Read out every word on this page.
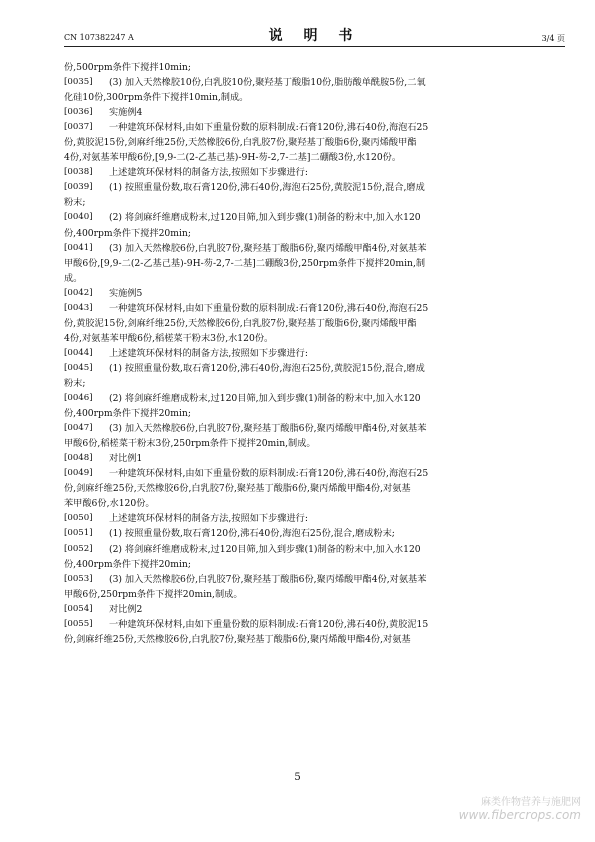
CN 107382247 A	说 明 书	3/4 页
份,500rpm条件下搅拌10min;
[0035] (3) 加入天然橡胶10份,白乳胶10份,聚羟基丁酸脂10份,脂肪酸单酰胺5份,二氧
化硅10份,300rpm条件下搅拌10min,制成。
[0036] 实施例4
[0037] 一种建筑环保材料,由如下重量份数的原料制成:石膏120份,沸石40份,海泡石25
份,黄胶泥15份,剑麻纤维25份,天然橡胶6份,白乳胶7份,聚羟基丁酸脂6份,聚丙烯酸甲酯
4份,对氨基苯甲酸6份,[9,9-二(2-乙基己基)-9H-芴-2,7-二基]二硼酸3份,水120份。
[0038] 上述建筑环保材料的制备方法,按照如下步骤进行:
[0039] (1) 按照重量份数,取石膏120份,沸石40份,海泡石25份,黄胶泥15份,混合,磨成
粉末;
[0040] (2) 将剑麻纤维磨成粉末,过120目筛,加入到步骤(1)制备的粉末中,加入水120
份,400rpm条件下搅拌20min;
[0041] (3) 加入天然橡胶6份,白乳胶7份,聚羟基丁酸脂6份,聚丙烯酸甲酯4份,对氨基苯
甲酸6份,[9,9-二(2-乙基己基)-9H-芴-2,7-二基]二硼酸3份,250rpm条件下搅拌20min,制
成。
[0042] 实施例5
[0043] 一种建筑环保材料,由如下重量份数的原料制成:石膏120份,沸石40份,海泡石25
份,黄胶泥15份,剑麻纤维25份,天然橡胶6份,白乳胶7份,聚羟基丁酸脂6份,聚丙烯酸甲酯
4份,对氨基苯甲酸6份,稻槎菜干粉末3份,水120份。
[0044] 上述建筑环保材料的制备方法,按照如下步骤进行:
[0045] (1) 按照重量份数,取石膏120份,沸石40份,海泡石25份,黄胶泥15份,混合,磨成
粉末;
[0046] (2) 将剑麻纤维磨成粉末,过120目筛,加入到步骤(1)制备的粉末中,加入水120
份,400rpm条件下搅拌20min;
[0047] (3) 加入天然橡胶6份,白乳胶7份,聚羟基丁酸脂6份,聚丙烯酸甲酯4份,对氨基苯
甲酸6份,稻槎菜干粉末3份,250rpm条件下搅拌20min,制成。
[0048] 对比例1
[0049] 一种建筑环保材料,由如下重量份数的原料制成:石膏120份,沸石40份,海泡石25
份,剑麻纤维25份,天然橡胶6份,白乳胶7份,聚羟基丁酸脂6份,聚丙烯酸甲酯4份,对氨基
苯甲酸6份,水120份。
[0050] 上述建筑环保材料的制备方法,按照如下步骤进行:
[0051] (1) 按照重量份数,取石膏120份,沸石40份,海泡石25份,混合,磨成粉末;
[0052] (2) 将剑麻纤维磨成粉末,过120目筛,加入到步骤(1)制备的粉末中,加入水120
份,400rpm条件下搅拌20min;
[0053] (3) 加入天然橡胶6份,白乳胶7份,聚羟基丁酸脂6份,聚丙烯酸甲酯4份,对氨基苯
甲酸6份,250rpm条件下搅拌20min,制成。
[0054] 对比例2
[0055] 一种建筑环保材料,由如下重量份数的原料制成:石膏120份,沸石40份,黄胶泥15
份,剑麻纤维25份,天然橡胶6份,白乳胶7份,聚羟基丁酸脂6份,聚丙烯酸甲酯4份,对氨基
5
麻类作物营养与施肥网
www.fibercrops.com
